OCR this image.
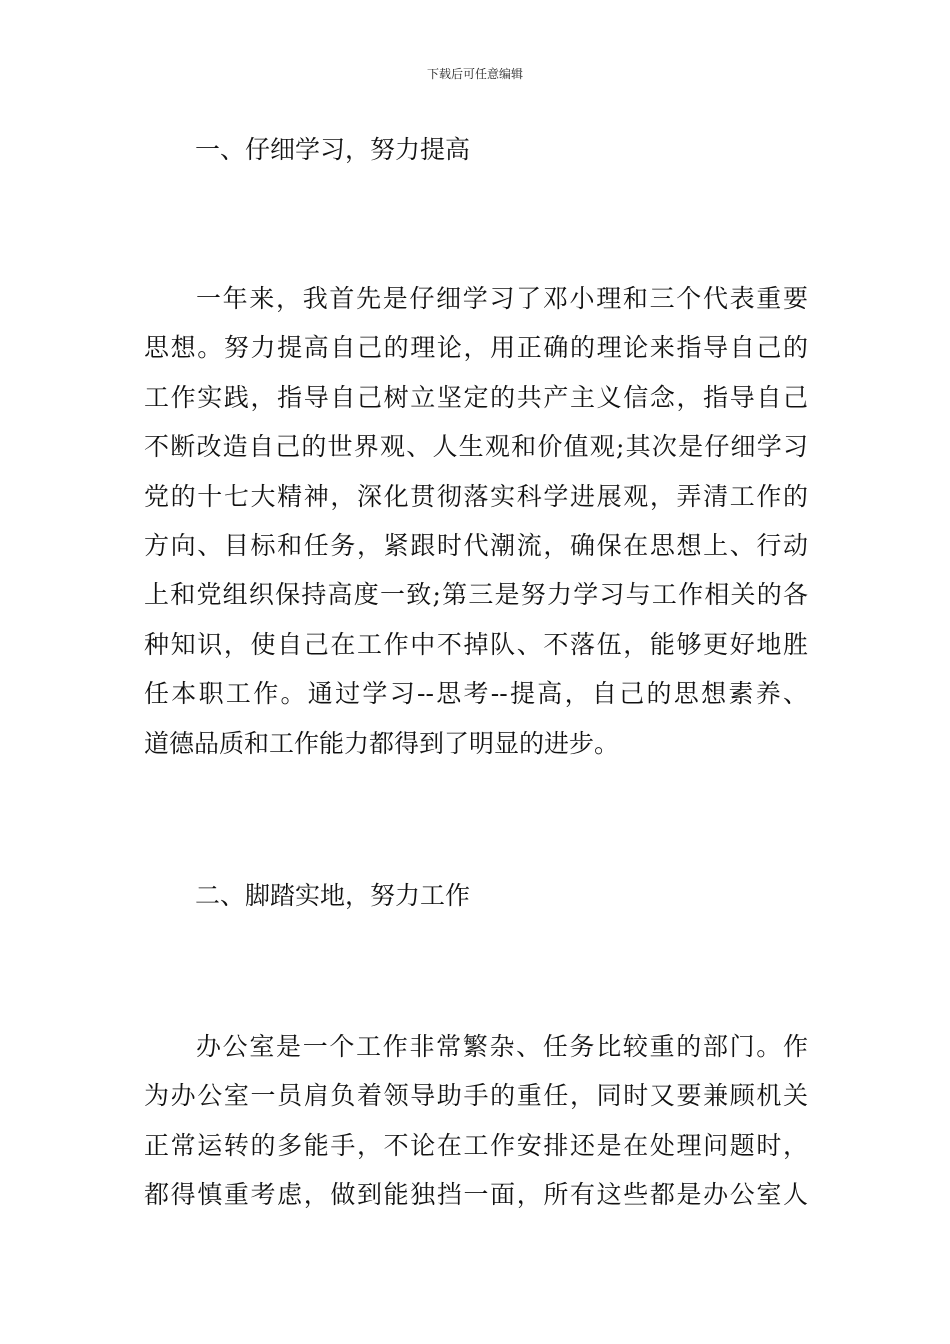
下载后可任意编辑
一、仔细学习，努力提高
一年来，我首先是仔细学习了邓小理和三个代表重要
思想。努力提高自己的理论，用正确的理论来指导自己的
工作实践，指导自己树立坚定的共产主义信念，指导自己
不断改造自己的世界观、人生观和价值观;其次是仔细学习
党的十七大精神，深化贯彻落实科学进展观，弄清工作的
方向、目标和任务，紧跟时代潮流，确保在思想上、行动
上和党组织保持高度一致;第三是努力学习与工作相关的各
种知识，使自己在工作中不掉队、不落伍，能够更好地胜
任本职工作。通过学习--思考--提高，自己的思想素养、
道德品质和工作能力都得到了明显的进步。
二、脚踏实地，努力工作
办公室是一个工作非常繁杂、任务比较重的部门。作
为办公室一员肩负着领导助手的重任，同时又要兼顾机关
正常运转的多能手，不论在工作安排还是在处理问题时，
都得慎重考虑，做到能独挡一面，所有这些都是办公室人
